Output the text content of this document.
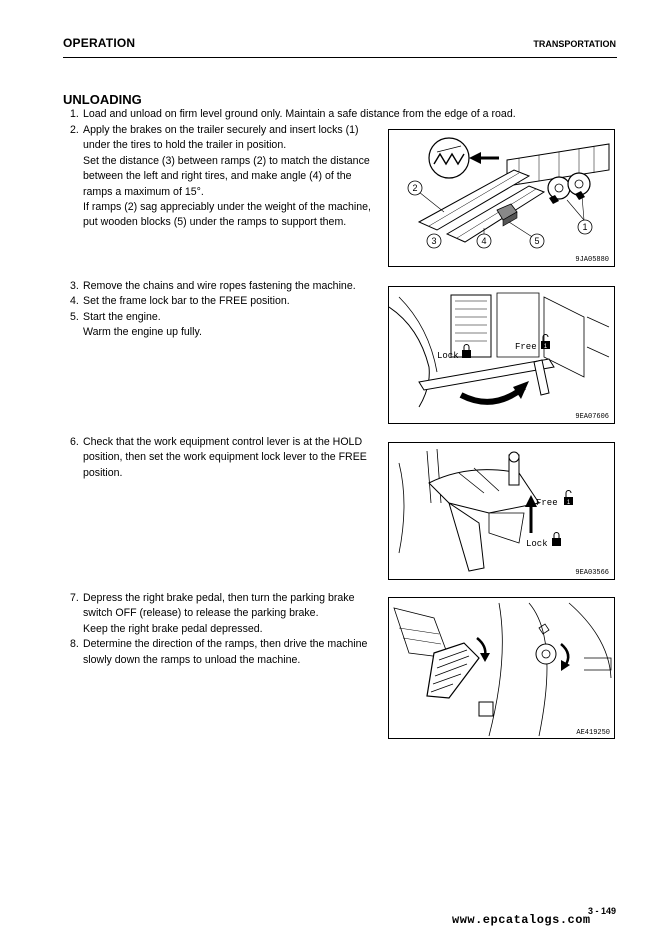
OPERATION	TRANSPORTATION
UNLOADING
1. Load and unload on firm level ground only. Maintain a safe distance from the edge of a road.
2. Apply the brakes on the trailer securely and insert locks (1)
under the tires to hold the trailer in position.
Set the distance (3) between ramps (2) to match the distance
between the left and right tires, and make angle (4) of the
ramps a maximum of 15°.
If ramps (2) sag appreciably under the weight of the machine,
put wooden blocks (5) under the ramps to support them.
3. Remove the chains and wire ropes fastening the machine.
4. Set the frame lock bar to the FREE position.
5. Start the engine.
Warm the engine up fully.
6. Check that the work equipment control lever is at the HOLD
position, then set the work equipment lock lever to the FREE
position.
7. Depress the right brake pedal, then turn the parking brake
switch OFF (release) to release the parking brake.
Keep the right brake pedal depressed.
8. Determine the direction of the ramps, then drive the machine
slowly down the ramps to unload the machine.
2
1
3	4	5
9JA05880
Lock
Free 1
9EA07606
Free 1
Lock
9EA03566
AE419250
3 - 149
www.epcatalogs.com
